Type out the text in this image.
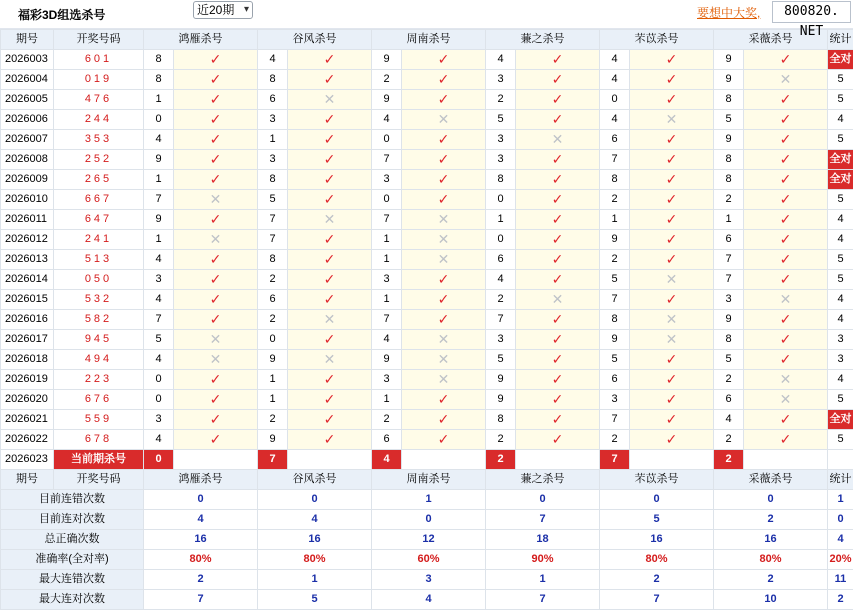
福彩3D组选杀号	近20期 ▾	要想中大奖,	800820. NET
期号	开奖号码	鸿雁杀号		谷风杀号		周南杀号		蒹之杀号		芣苡杀号		采薇杀号		统计
2026003	601	8	✓	4	✓	9	✓	4	✓	4	✓	9	✓	全对
2026004	019	8	✓	8	✓	2	✓	3	✓	4	✓	9	✕	5
2026005	476	1	✓	6	✕	9	✓	2	✓	0	✓	8	✓	5
2026006	244	0	✓	3	✓	4	✕	5	✓	4	✕	5	✓	4
2026007	353	4	✓	1	✓	0	✓	3	✕	6	✓	9	✓	5
2026008	252	9	✓	3	✓	7	✓	3	✓	7	✓	8	✓	全对
2026009	265	1	✓	8	✓	3	✓	8	✓	8	✓	8	✓	全对
2026010	667	7	✕	5	✓	0	✓	0	✓	2	✓	2	✓	5
2026011	647	9	✓	7	✕	7	✕	1	✓	1	✓	1	✓	4
2026012	241	1	✕	7	✓	1	✕	0	✓	9	✓	6	✓	4
2026013	513	4	✓	8	✓	1	✕	6	✓	2	✓	7	✓	5
2026014	050	3	✓	2	✓	3	✓	4	✓	5	✕	7	✓	5
2026015	532	4	✓	6	✓	1	✓	2	✕	7	✓	3	✕	4
2026016	582	7	✓	2	✕	7	✓	7	✓	8	✕	9	✓	4
2026017	945	5	✕	0	✓	4	✕	3	✓	9	✕	8	✓	3
2026018	494	4	✕	9	✕	9	✕	5	✓	5	✓	5	✓	3
2026019	223	0	✓	1	✓	3	✕	9	✓	6	✓	2	✕	4
2026020	676	0	✓	1	✓	1	✓	9	✓	3	✓	6	✕	5
2026021	559	3	✓	2	✓	2	✓	8	✓	7	✓	4	✓	全对
2026022	678	4	✓	9	✓	6	✓	2	✓	2	✓	2	✓	5
2026023	当前期杀号	0		7		4		2		7		2		
期号	开奖号码	鸿雁杀号		谷风杀号		周南杀号		蒹之杀号		芣苡杀号		采薇杀号		统计
目前连错次数		0		0		1		0		0		0		1
目前连对次数		4		4		0		7		5		2		0
总正确次数		16		16		12		18		16		16		4
准确率(全对率)		80%		80%		60%		90%		80%		80%		20%
最大连错次数		2		1		3		1		2		2		11
最大连对次数		7		5		4		7		7		10		2
